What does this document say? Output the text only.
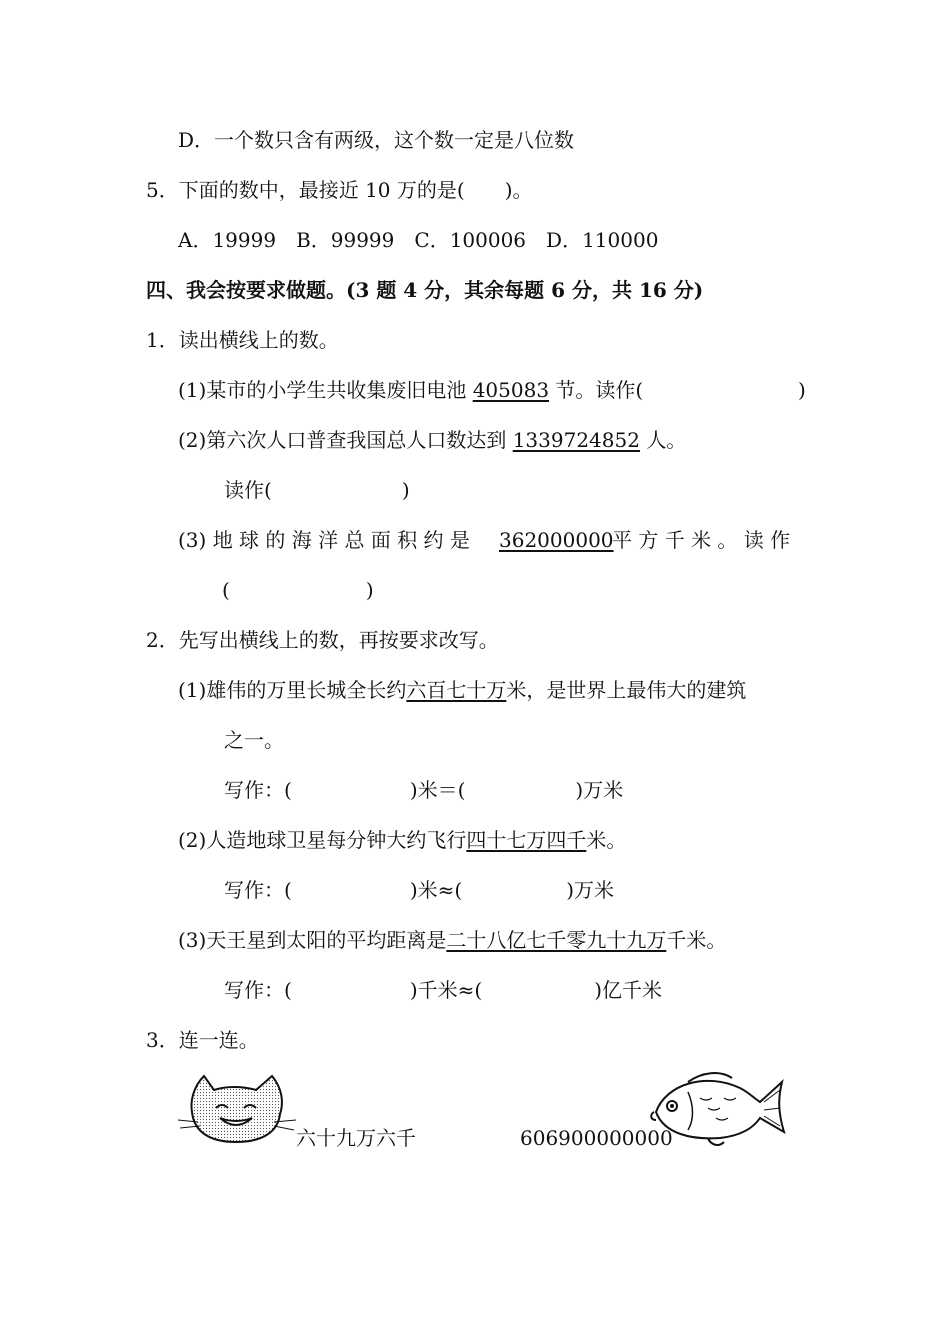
D．一个数只含有两级，这个数一定是八位数
5．下面的数中，最接近 10 万的是(　　)。
A．19999　B．99999　C．100006　D．110000
四、我会按要求做题。(3 题 4 分，其余每题 6 分，共 16 分)
1．读出横线上的数。
(1)某市的小学生共收集废旧电池 405083 节。读作(	)
(2)第六次人口普查我国总人口数达到 1339724852 人。
读作(	)
(3) 地 球 的 海 洋 总 面 积 约 是 362000000
平 方 千 米 。 读 作
(	)
2．先写出横线上的数，再按要求改写。
(1)雄伟的万里长城全长约六百七十万米，是世界上最伟大的建筑
之一。
写作：(	)米＝(	)万米
(2)人造地球卫星每分钟大约飞行四十七万四千米。
写作：(	)米≈(	)万米
(3)天王星到太阳的平均距离是二十八亿七千零九十九万千米。
写作：(	)千米≈(	)亿千米
3．连一连。
六十九万六千	606900000000
